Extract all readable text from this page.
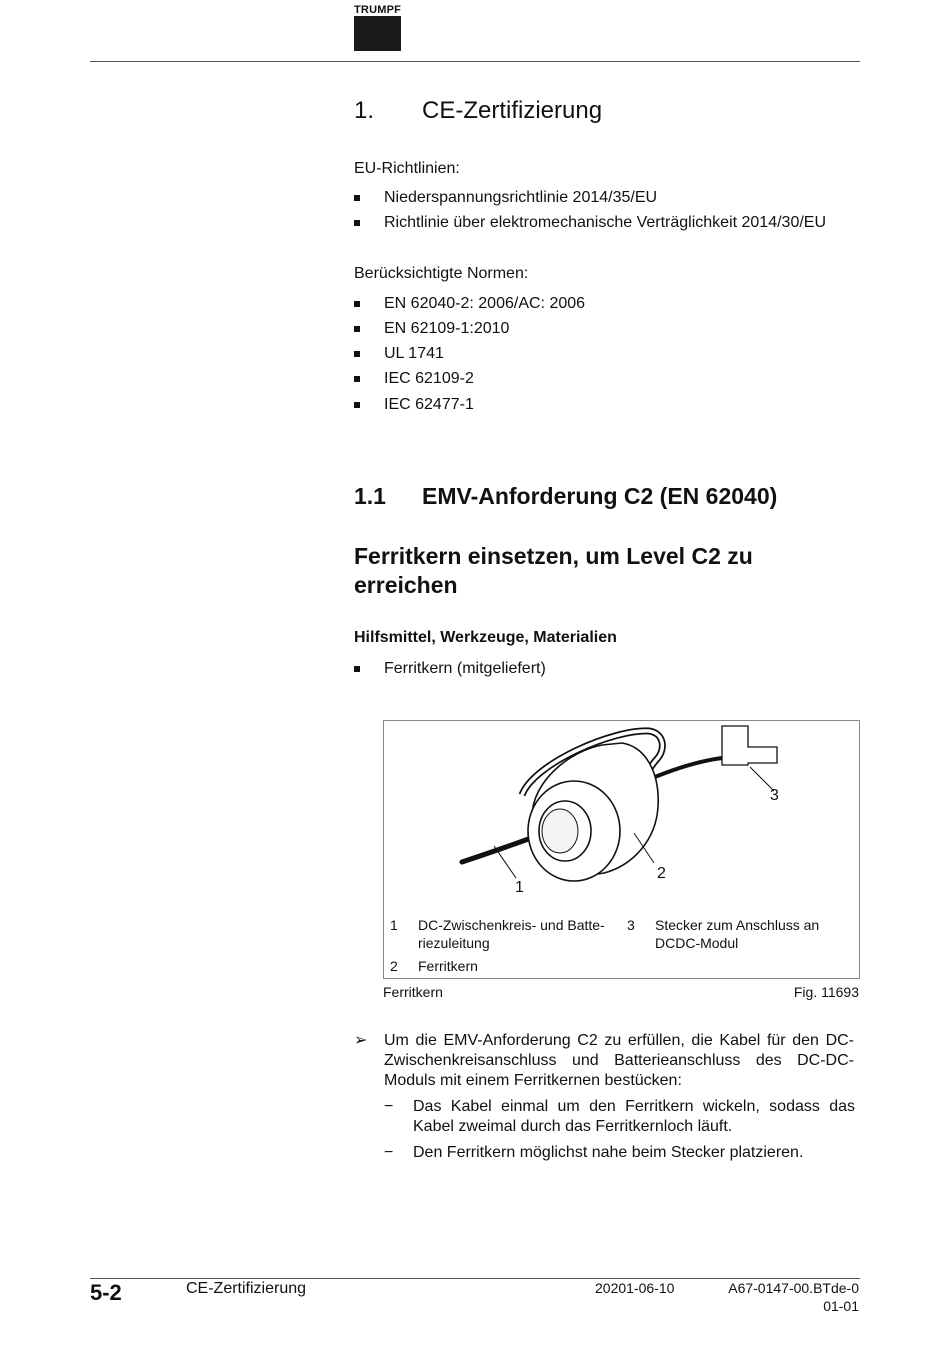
TRUMPF
1. CE-Zertifizierung
EU-Richtlinien:
Niederspannungsrichtlinie 2014/35/EU
Richtlinie über elektromechanische Verträglichkeit 2014/30/EU
Berücksichtigte Normen:
EN 62040-2: 2006/AC: 2006
EN 62109-1:2010
UL 1741
IEC 62109-2
IEC 62477-1
1.1 EMV-Anforderung C2 (EN 62040)
Ferritkern einsetzen, um Level C2 zu erreichen
Hilfsmittel, Werkzeuge, Materialien
Ferritkern (mitgeliefert)
1
2
3
1 DC-Zwischenkreis- und Batte-riezuleitung
2 Ferritkern
3 Stecker zum Anschluss an DCDC-Modul
Ferritkern	Fig. 11693
➢ Um die EMV-Anforderung C2 zu erfüllen, die Kabel für den DC-Zwischenkreisanschluss und Batterieanschluss des DC-DC-Moduls mit einem Ferritkernen bestücken:
− Das Kabel einmal um den Ferritkern wickeln, sodass das Kabel zweimal durch das Ferritkernloch läuft.
− Den Ferritkern möglichst nahe beim Stecker platzieren.
5-2	CE-Zertifizierung	20201-06-10	A67-0147-00.BTde-0
01-01
